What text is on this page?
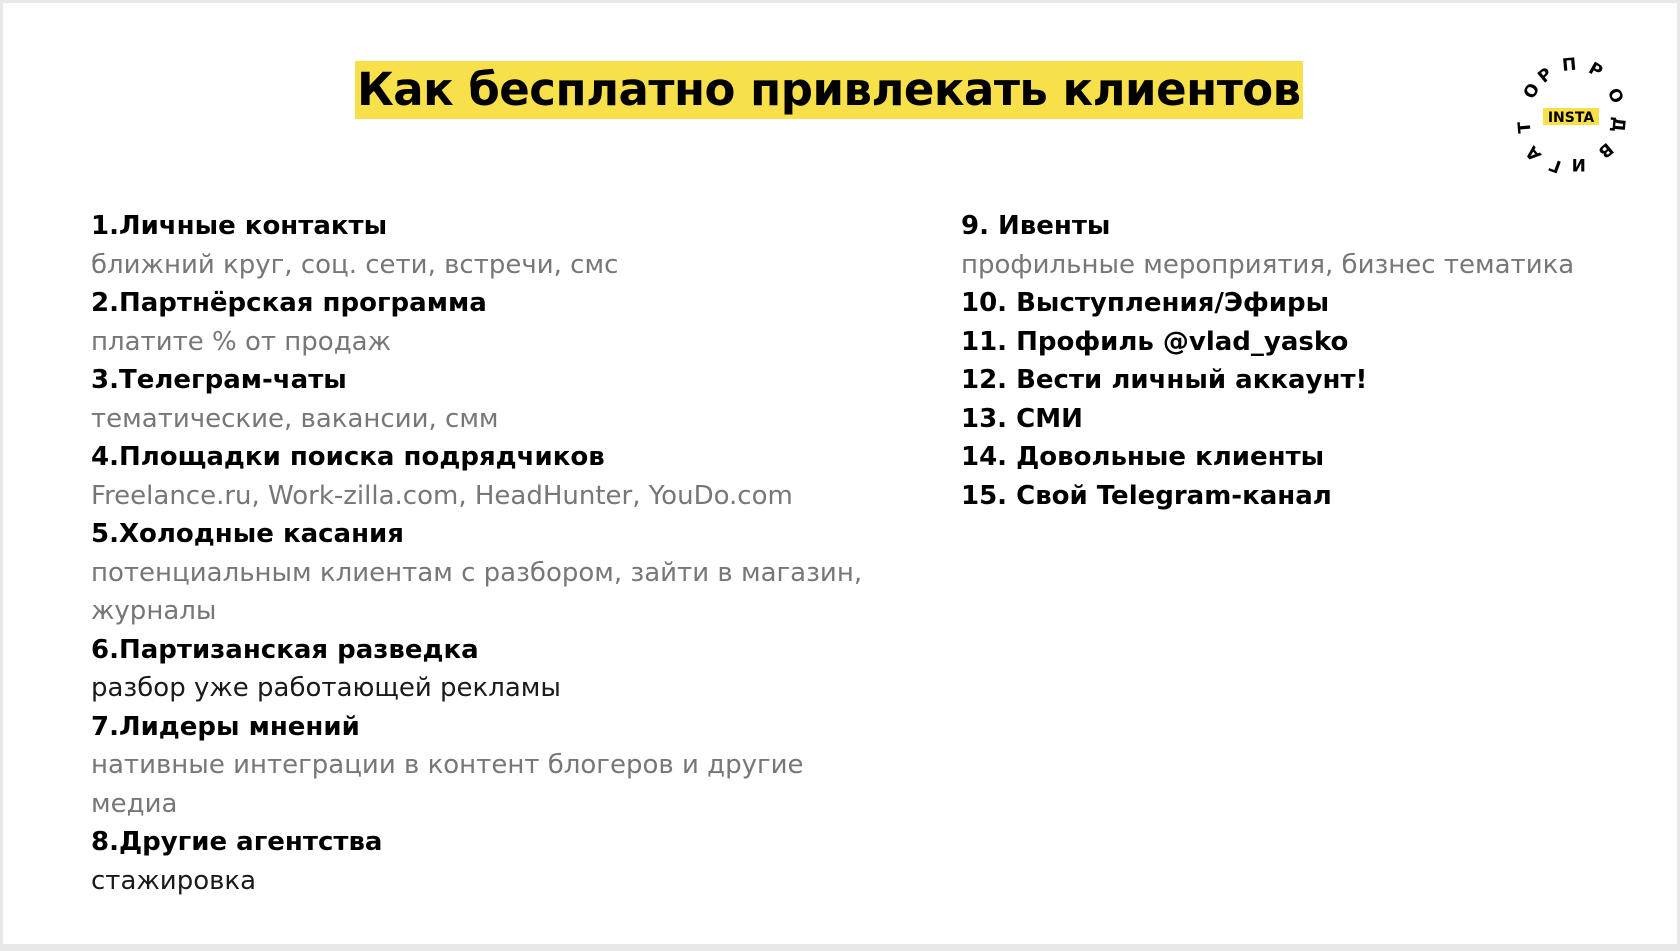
Как бесплатно привлекать клиентов	О
Р П Р
О
Д
В
И
Г
А
Т
INSTA
1.Личные контакты
ближний круг, соц. сети, встречи, смс
2.Партнёрская программа
платите % от продаж
3.Телеграм-чаты
тематические, вакансии, смм
4.Площадки поиска подрядчиков
Freelance.ru, Work-zilla.com, HeadHunter, YouDo.com
5.Холодные касания
потенциальным клиентам с разбором, зайти в магазин, журналы
6.Партизанская разведка
разбор уже работающей рекламы
7.Лидеры мнений
нативные интеграции в контент блогеров и другие медиа
8.Другие агентства
стажировка
9. Ивенты
профильные мероприятия, бизнес тематика
10. Выступления/Эфиры
11. Профиль @vlad_yasko
12. Вести личный аккаунт!
13. СМИ
14. Довольные клиенты
15. Свой Telegram-канал
